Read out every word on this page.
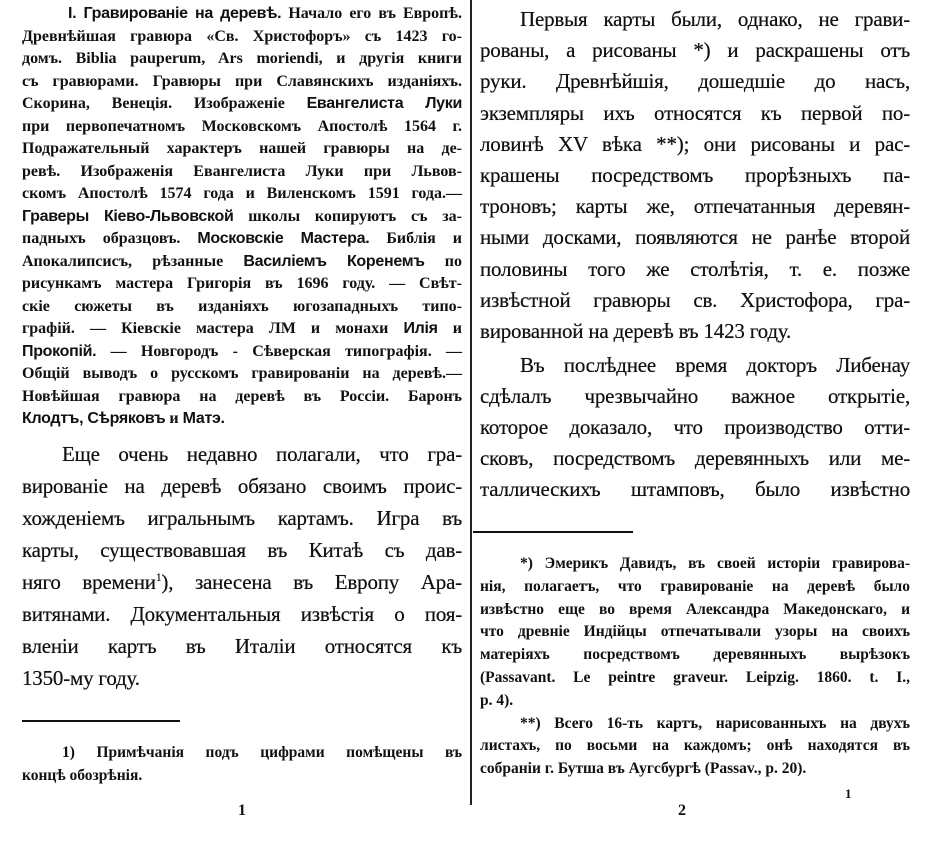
I. Гравированіе на деревѣ. Начало его въ Европѣ.
Древнѣйшая гравюра «Св. Христофоръ» съ 1423 го-
домъ. Biblia pauperum, Ars moriendi, и другія книги
съ гравюрами. Гравюры при Славянскихъ изданіяхъ.
Скорина, Венеція. Изображеніе Евангелиста Луки
при первопечатномъ Московскомъ Апостолѣ 1564 г.
Подражательный характеръ нашей гравюры на де-
ревѣ. Изображенія Евангелиста Луки при Львов-
скомъ Апостолѣ 1574 года и Виленскомъ 1591 года.—
Граверы Кіево-Львовской школы копируютъ съ за-
падныхъ образцовъ. Московскіе Мастера. Библія и
Апокалипсисъ, рѣзанные Василіемъ Коренемъ по
рисункамъ мастера Григорія въ 1696 году. — Свѣт-
скіе сюжеты въ изданіяхъ югозападныхъ типо-
графій. — Кіевскіе мастера ЛМ и монахи Илія и
Прокопій. — Новгородъ - Сѣверская типографія. —
Общій выводъ о русскомъ гравированіи на деревѣ.—
Новѣйшая гравюра на деревѣ въ Россіи. Баронъ
Клодтъ, Сѣряковъ и Матэ.
Еще очень недавно полагали, что гра-
вированіе на деревѣ обязано своимъ проис-
хожденіемъ игральнымъ картамъ. Игра въ
карты, существовавшая въ Китаѣ съ дав-
няго времени$^1$), занесена въ Европу Ара-
витянами. Документальныя извѣстія о поя-
вленіи картъ въ Италіи относятся къ
1350-му году.
1) Примѣчанія подъ цифрами помѣщены въ
концѣ обозрѣнія.
1
Первыя карты были, однако, не грави-
рованы, а рисованы *) и раскрашены отъ
руки. Древнѣйшія, дошедшіе до насъ,
экземпляры ихъ относятся къ первой по-
ловинѣ XV вѣка **); они рисованы и рас-
крашены посредствомъ прорѣзныхъ па-
троновъ; карты же, отпечатанныя деревян-
ными досками, появляются не ранѣе второй
половины того же столѣтія, т. е. позже
извѣстной гравюры св. Христофора, гра-
вированной на деревѣ въ 1423 году.
Въ послѣднее время докторъ Либенау
сдѣлалъ чрезвычайно важное открытіе,
которое доказало, что производство отти-
сковъ, посредствомъ деревянныхъ или ме-
таллическихъ штамповъ, было извѣстно
*) Эмерикъ Давидъ, въ своей исторіи гравирова-
нія, полагаетъ, что гравированіе на деревѣ было
извѣстно еще во время Александра Македонскаго, и
что древніе Индійцы отпечатывали узоры на своихъ
матеріяхъ посредствомъ деревянныхъ вырѣзокъ
(Passavant. Le peintre graveur. Leipzig. 1860. t. I.,
p. 4).
**) Всего 16-ть картъ, нарисованныхъ на двухъ
листахъ, по восьми на каждомъ; онѣ находятся въ
собраніи г. Бутша въ Аугсбургѣ (Passav., p. 20).
2
1
